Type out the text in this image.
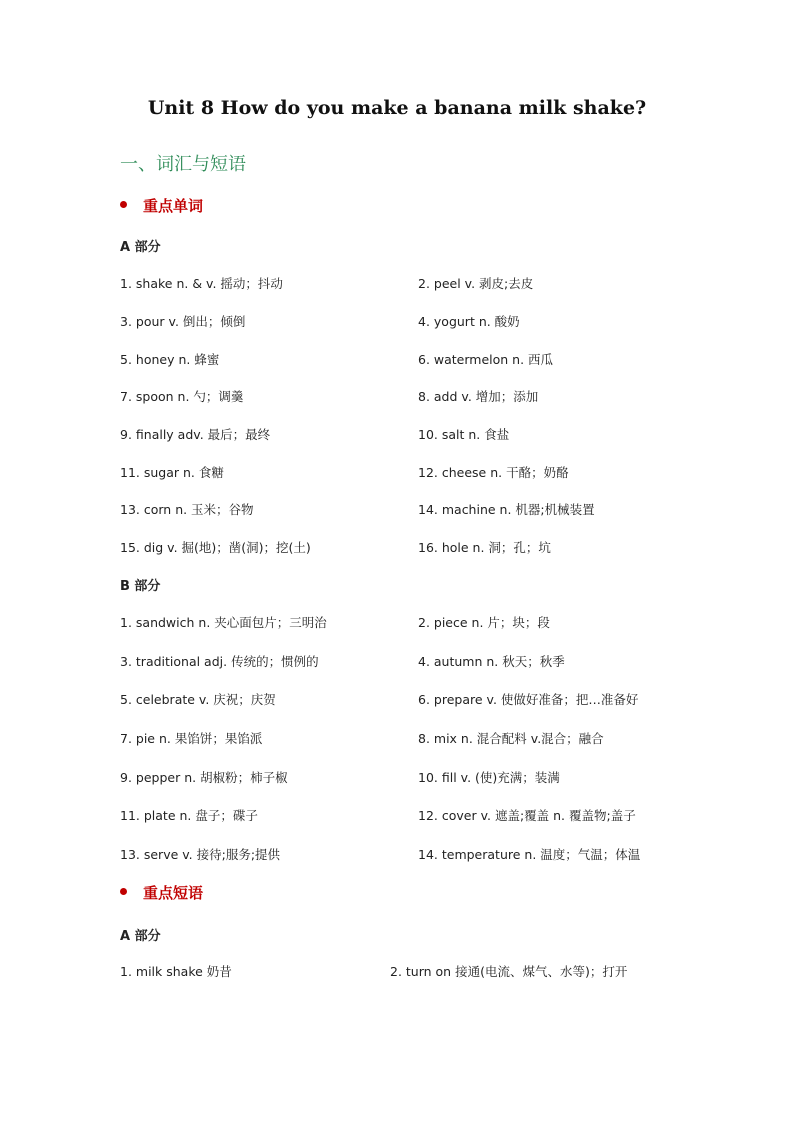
Unit 8 How do you make a banana milk shake?
一、词汇与短语
重点单词
A 部分
1. shake n. & v. 摇动；抖动	2. peel v. 剥皮;去皮
3. pour v. 倒出；倾倒	4. yogurt n. 酸奶
5. honey n. 蜂蜜	6. watermelon n. 西瓜
7. spoon n. 勺；调羹	8. add v. 增加；添加
9. finally adv. 最后；最终	10. salt n. 食盐
11. sugar n. 食糖	12. cheese n. 干酪；奶酪
13. corn n. 玉米；谷物	14. machine n. 机器;机械装置
15. dig v. 掘(地)；凿(洞)；挖(土)	16. hole n. 洞；孔；坑
B 部分
1. sandwich n. 夹心面包片；三明治	2. piece n. 片；块；段
3. traditional adj. 传统的；惯例的	4. autumn n. 秋天；秋季
5. celebrate v. 庆祝；庆贺	6. prepare v. 使做好准备；把…准备好
7. pie n. 果馅饼；果馅派	8. mix n. 混合配料 v.混合；融合
9. pepper n. 胡椒粉；柿子椒	10. fill v. (使)充满；装满
11. plate n. 盘子；碟子	12. cover v. 遮盖;覆盖 n. 覆盖物;盖子
13. serve v. 接待;服务;提供	14. temperature n. 温度；气温；体温
重点短语
A 部分
1. milk shake 奶昔	2. turn on 接通(电流、煤气、水等)；打开
